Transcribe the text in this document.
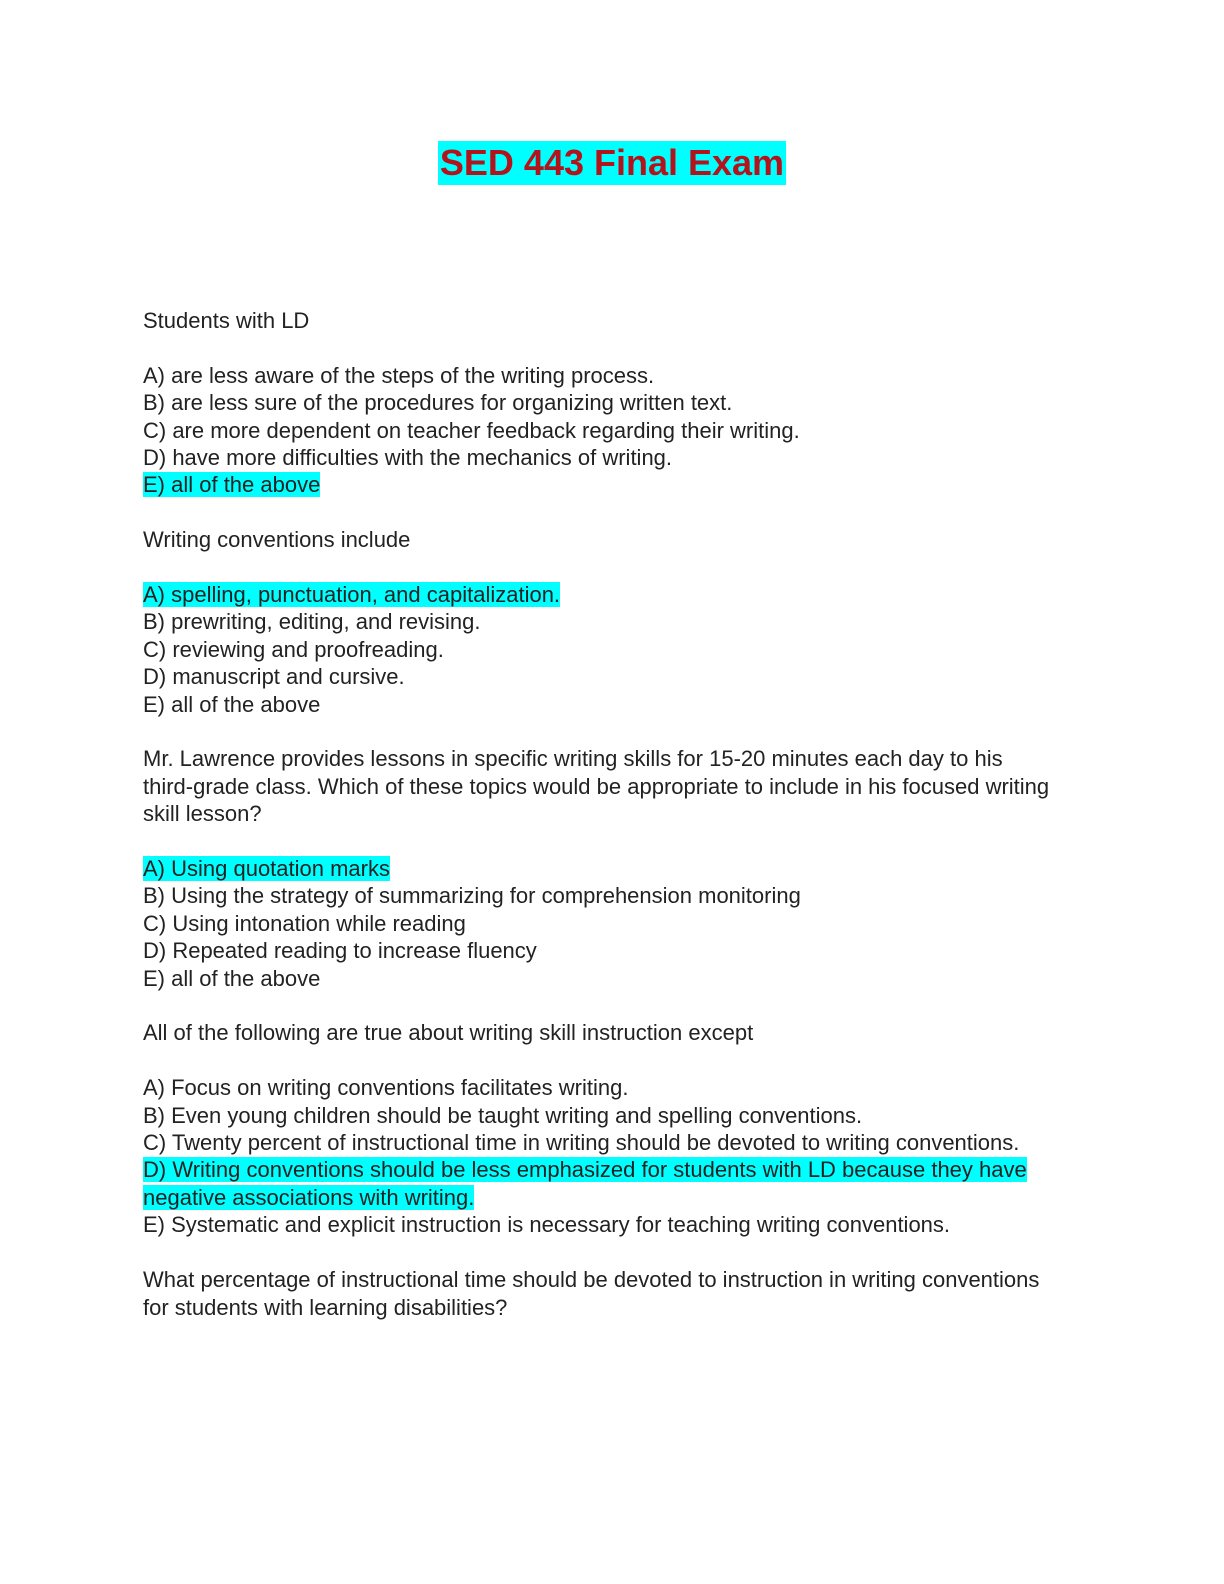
SED 443 Final Exam
Students with LD
A) are less aware of the steps of the writing process.
B) are less sure of the procedures for organizing written text.
C) are more dependent on teacher feedback regarding their writing.
D) have more difficulties with the mechanics of writing.
E) all of the above
Writing conventions include
A) spelling, punctuation, and capitalization.
B) prewriting, editing, and revising.
C) reviewing and proofreading.
D) manuscript and cursive.
E) all of the above
Mr. Lawrence provides lessons in specific writing skills for 15-20 minutes each day to his third-grade class. Which of these topics would be appropriate to include in his focused writing skill lesson?
A) Using quotation marks
B) Using the strategy of summarizing for comprehension monitoring
C) Using intonation while reading
D) Repeated reading to increase fluency
E) all of the above
All of the following are true about writing skill instruction except
A) Focus on writing conventions facilitates writing.
B) Even young children should be taught writing and spelling conventions.
C) Twenty percent of instructional time in writing should be devoted to writing conventions.
D) Writing conventions should be less emphasized for students with LD because they have negative associations with writing.
E) Systematic and explicit instruction is necessary for teaching writing conventions.
What percentage of instructional time should be devoted to instruction in writing conventions for students with learning disabilities?
